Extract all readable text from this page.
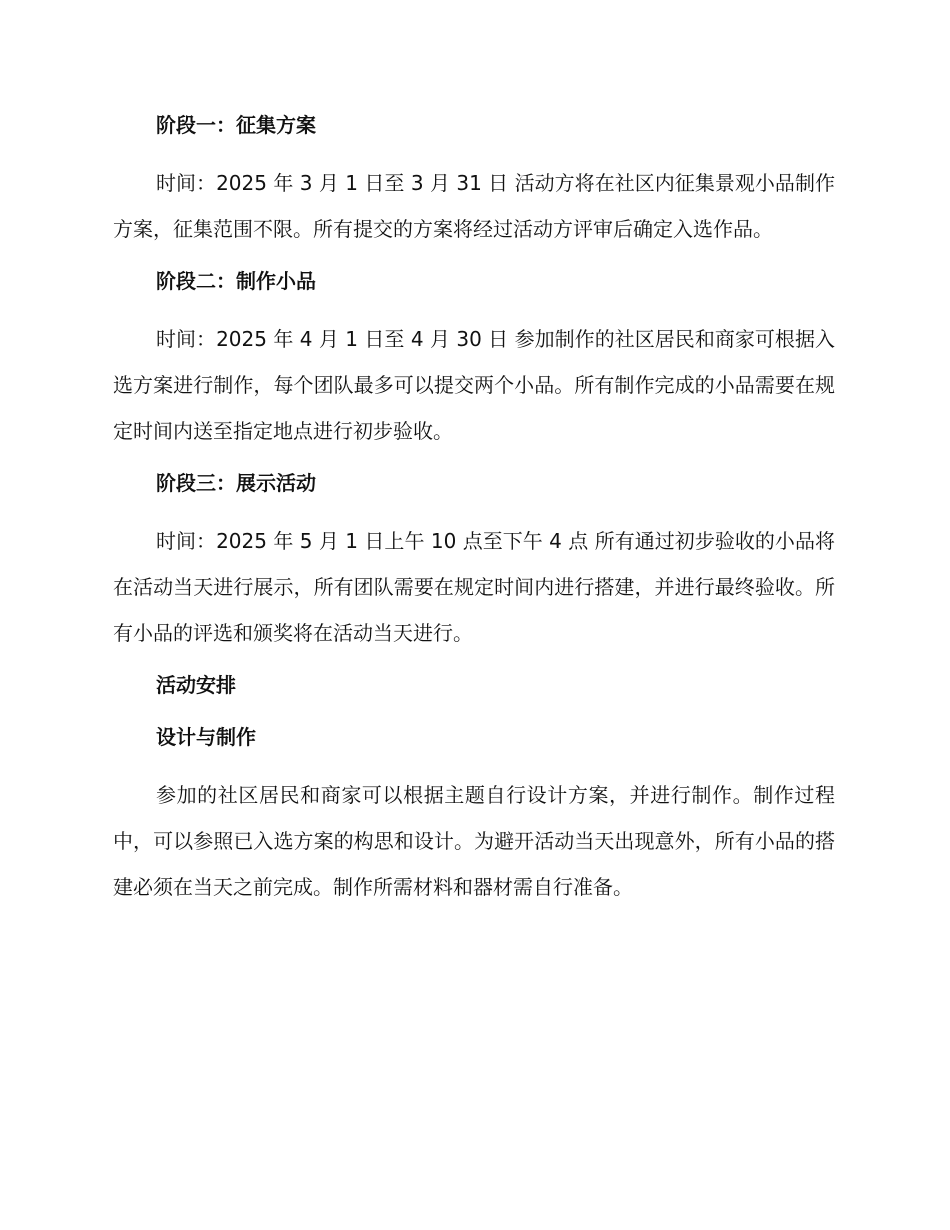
阶段一：征集方案
时间：2025 年 3 月 1 日至 3 月 31 日 活动方将在社区内征集景观小品制作方案，征集范围不限。所有提交的方案将经过活动方评审后确定入选作品。
阶段二：制作小品
时间：2025 年 4 月 1 日至 4 月 30 日 参加制作的社区居民和商家可根据入选方案进行制作，每个团队最多可以提交两个小品。所有制作完成的小品需要在规定时间内送至指定地点进行初步验收。
阶段三：展示活动
时间：2025 年 5 月 1 日上午 10 点至下午 4 点 所有通过初步验收的小品将在活动当天进行展示，所有团队需要在规定时间内进行搭建，并进行最终验收。所有小品的评选和颁奖将在活动当天进行。
活动安排
设计与制作
参加的社区居民和商家可以根据主题自行设计方案，并进行制作。制作过程中，可以参照已入选方案的构思和设计。为避开活动当天出现意外，所有小品的搭建必须在当天之前完成。制作所需材料和器材需自行准备。
